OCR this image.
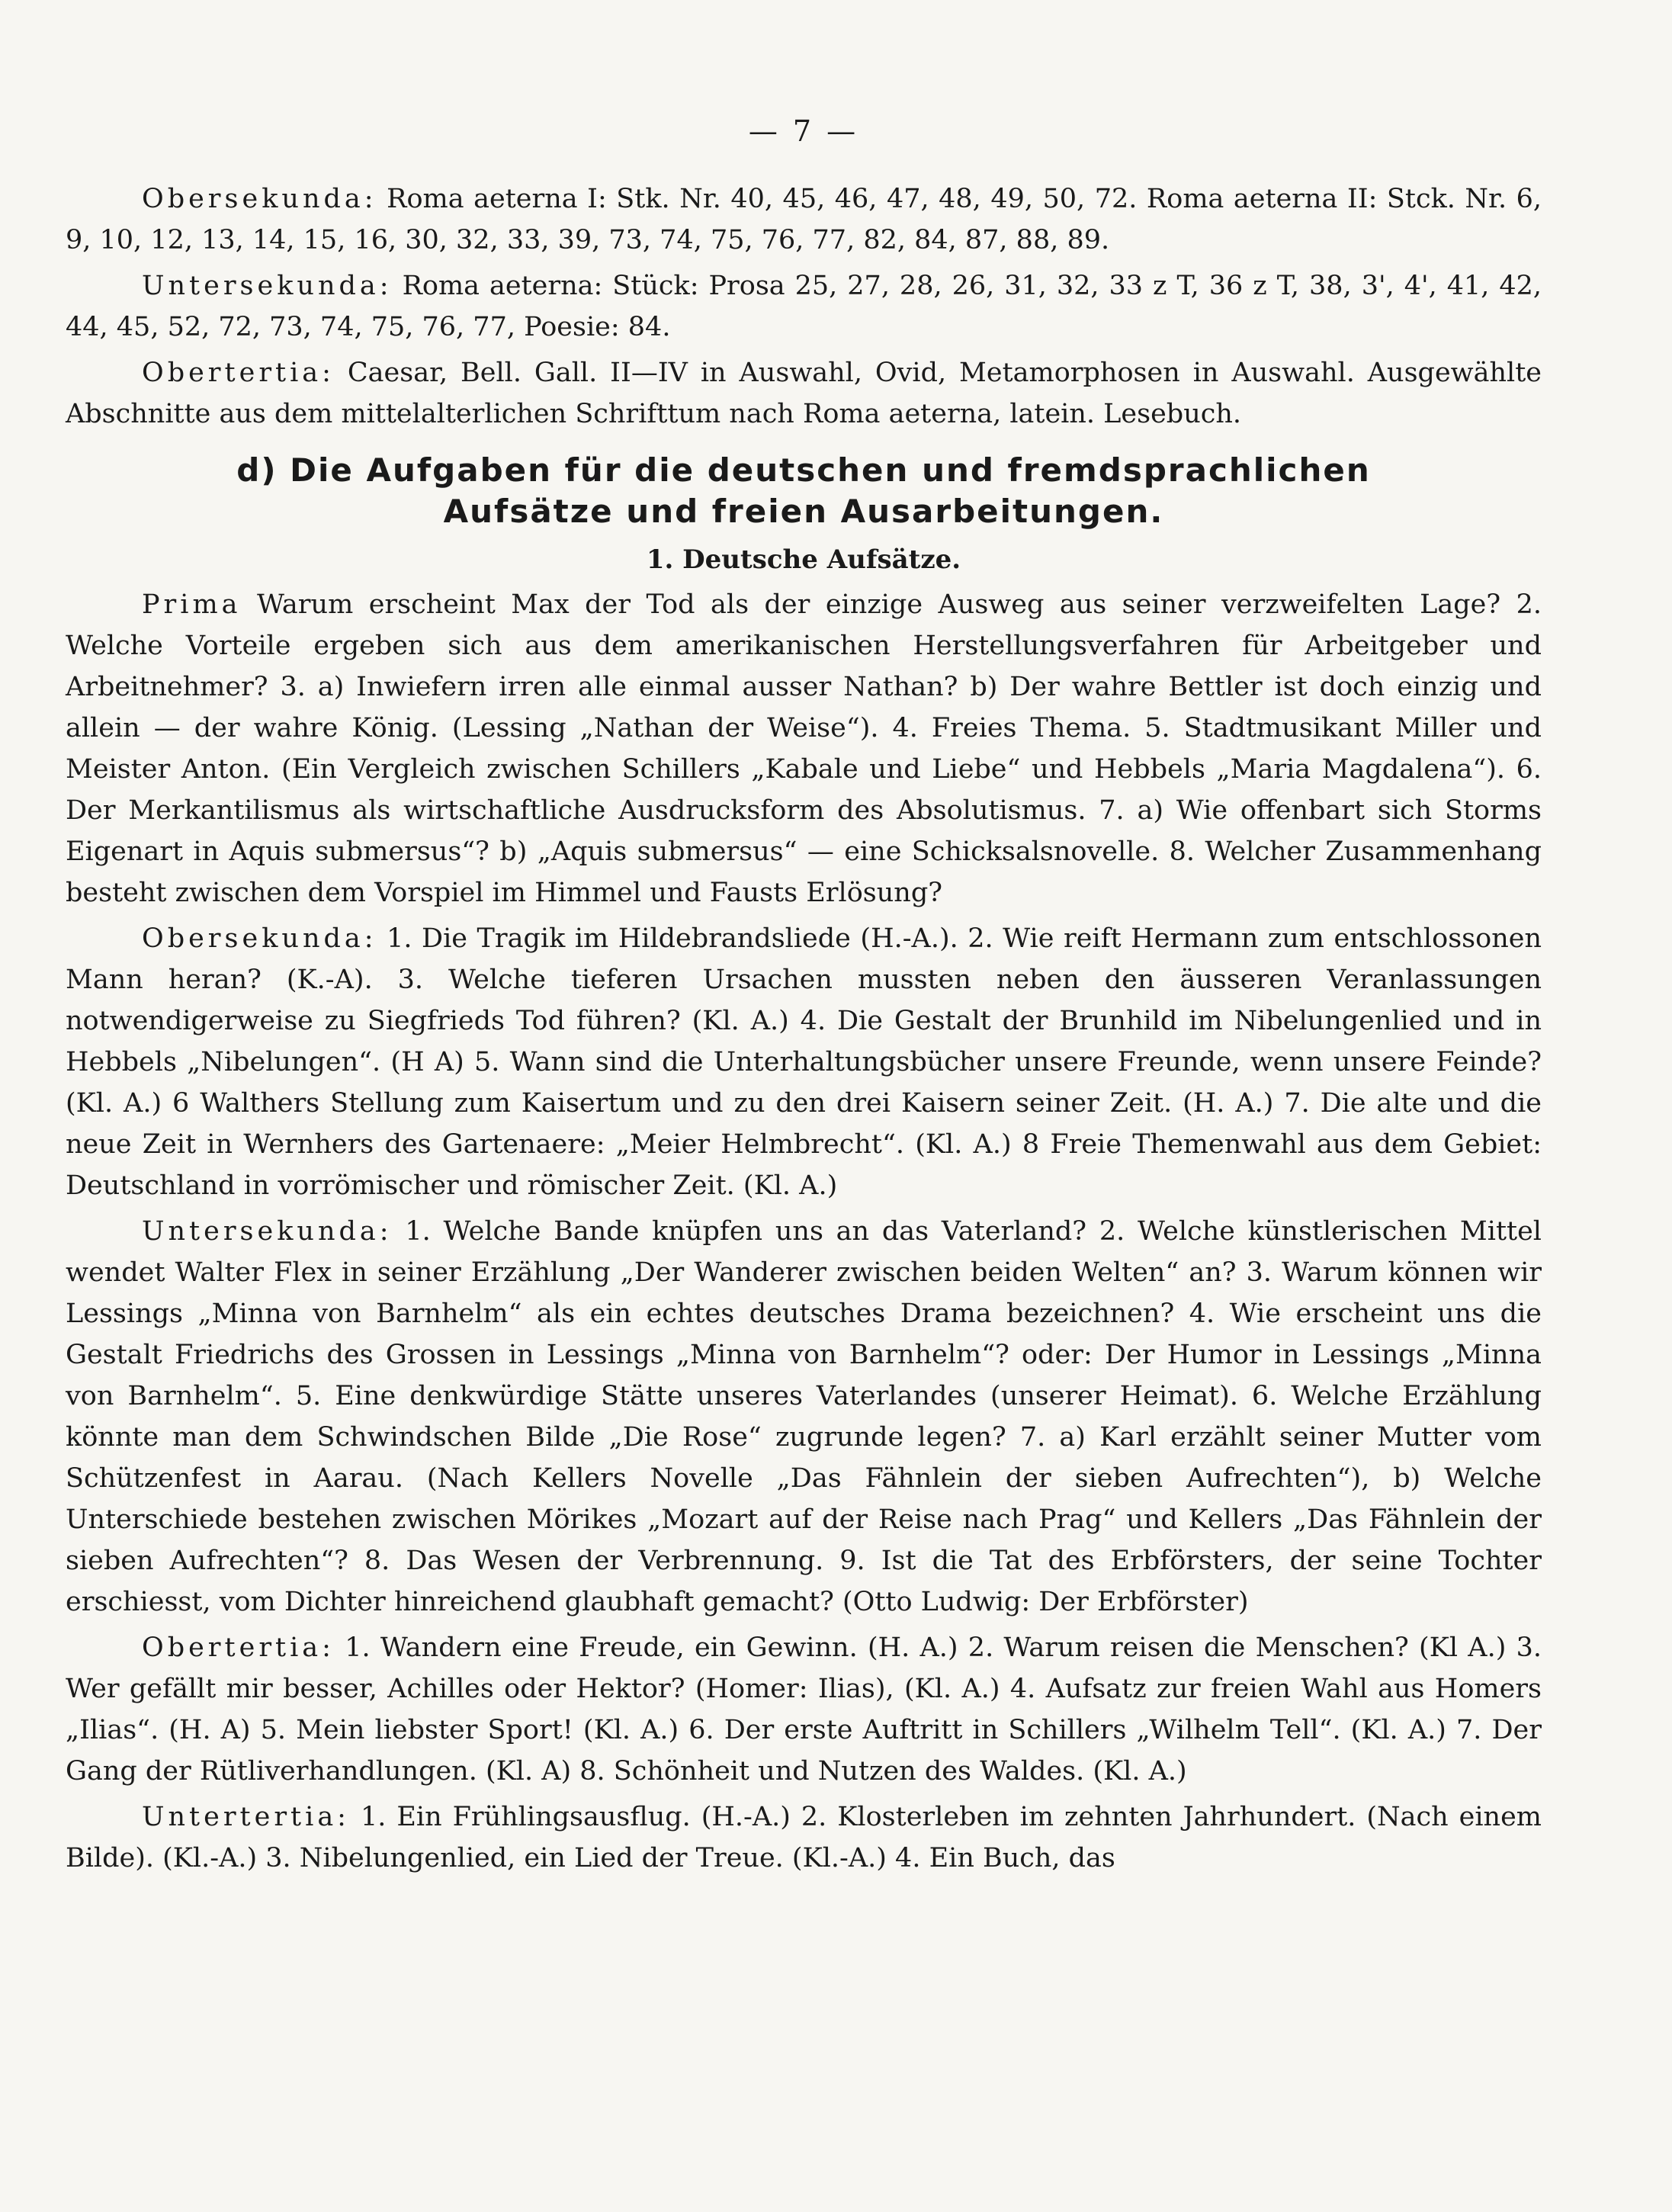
— 7 —

Obersekunda: Roma aeterna I: Stk. Nr. 40, 45, 46, 47, 48, 49, 50, 72. Roma aeterna II: Stck. Nr. 6, 9, 10, 12, 13, 14, 15, 16, 30, 32, 33, 39, 73, 74, 75, 76, 77, 82, 84, 87, 88, 89.

Untersekunda: Roma aeterna: Stück: Prosa 25, 27, 28, 26, 31, 32, 33 z T, 36 z T, 38, 3', 4', 41, 42, 44, 45, 52, 72, 73, 74, 75, 76, 77, Poesie: 84.

Obertertia: Caesar, Bell. Gall. II—IV in Auswahl, Ovid, Metamorphosen in Auswahl. Ausgewählte Abschnitte aus dem mittelalterlichen Schrifttum nach Roma aeterna, latein. Lesebuch.

d) Die Aufgaben für die deutschen und fremdsprachlichen
Aufsätze und freien Ausarbeitungen.
1. Deutsche Aufsätze.

Prima Warum erscheint Max der Tod als der einzige Ausweg aus seiner verzweifelten Lage? 2. Welche Vorteile ergeben sich aus dem amerikanischen Herstellungsverfahren für Arbeitgeber und Arbeitnehmer? 3. a) Inwiefern irren alle einmal ausser Nathan? b) Der wahre Bettler ist doch einzig und allein — der wahre König. (Lessing „Nathan der Weise“). 4. Freies Thema. 5. Stadtmusikant Miller und Meister Anton. (Ein Vergleich zwischen Schillers „Kabale und Liebe“ und Hebbels „Maria Magdalena“). 6. Der Merkantilismus als wirtschaftliche Ausdrucksform des Absolutismus. 7. a) Wie offenbart sich Storms Eigenart in Aquis submersus“? b) „Aquis submersus“ — eine Schicksalsnovelle. 8. Welcher Zusammenhang besteht zwischen dem Vorspiel im Himmel und Fausts Erlösung?

Obersekunda: 1. Die Tragik im Hildebrandsliede (H.-A.). 2. Wie reift Hermann zum entschlossonen Mann heran? (K.-A). 3. Welche tieferen Ursachen mussten neben den äusseren Veranlassungen notwendigerweise zu Siegfrieds Tod führen? (Kl. A.) 4. Die Gestalt der Brunhild im Nibelungenlied und in Hebbels „Nibelungen“. (H A) 5. Wann sind die Unterhaltungsbücher unsere Freunde, wenn unsere Feinde? (Kl. A.) 6 Walthers Stellung zum Kaisertum und zu den drei Kaisern seiner Zeit. (H. A.) 7. Die alte und die neue Zeit in Wernhers des Gartenaere: „Meier Helmbrecht“. (Kl. A.) 8 Freie Themenwahl aus dem Gebiet: Deutschland in vorrömischer und römischer Zeit. (Kl. A.)

Untersekunda: 1. Welche Bande knüpfen uns an das Vaterland? 2. Welche künstlerischen Mittel wendet Walter Flex in seiner Erzählung „Der Wanderer zwischen beiden Welten“ an? 3. Warum können wir Lessings „Minna von Barnhelm“ als ein echtes deutsches Drama bezeichnen? 4. Wie erscheint uns die Gestalt Friedrichs des Grossen in Lessings „Minna von Barnhelm“? oder: Der Humor in Lessings „Minna von Barnhelm“. 5. Eine denkwürdige Stätte unseres Vaterlandes (unserer Heimat). 6. Welche Erzählung könnte man dem Schwindschen Bilde „Die Rose“ zugrunde legen? 7. a) Karl erzählt seiner Mutter vom Schützenfest in Aarau. (Nach Kellers Novelle „Das Fähnlein der sieben Aufrechten“), b) Welche Unterschiede bestehen zwischen Mörikes „Mozart auf der Reise nach Prag“ und Kellers „Das Fähnlein der sieben Aufrechten“? 8. Das Wesen der Verbrennung. 9. Ist die Tat des Erbförsters, der seine Tochter erschiesst, vom Dichter hinreichend glaubhaft gemacht? (Otto Ludwig: Der Erbförster)

Obertertia: 1. Wandern eine Freude, ein Gewinn. (H. A.) 2. Warum reisen die Menschen? (Kl A.) 3. Wer gefällt mir besser, Achilles oder Hektor? (Homer: Ilias), (Kl. A.) 4. Aufsatz zur freien Wahl aus Homers „Ilias“. (H. A) 5. Mein liebster Sport! (Kl. A.) 6. Der erste Auftritt in Schillers „Wilhelm Tell“. (Kl. A.) 7. Der Gang der Rütliverhandlungen. (Kl. A) 8. Schönheit und Nutzen des Waldes. (Kl. A.)

Untertertia: 1. Ein Frühlingsausflug. (H.-A.) 2. Klosterleben im zehnten Jahrhundert. (Nach einem Bilde). (Kl.-A.) 3. Nibelungenlied, ein Lied der Treue. (Kl.-A.) 4. Ein Buch, das
